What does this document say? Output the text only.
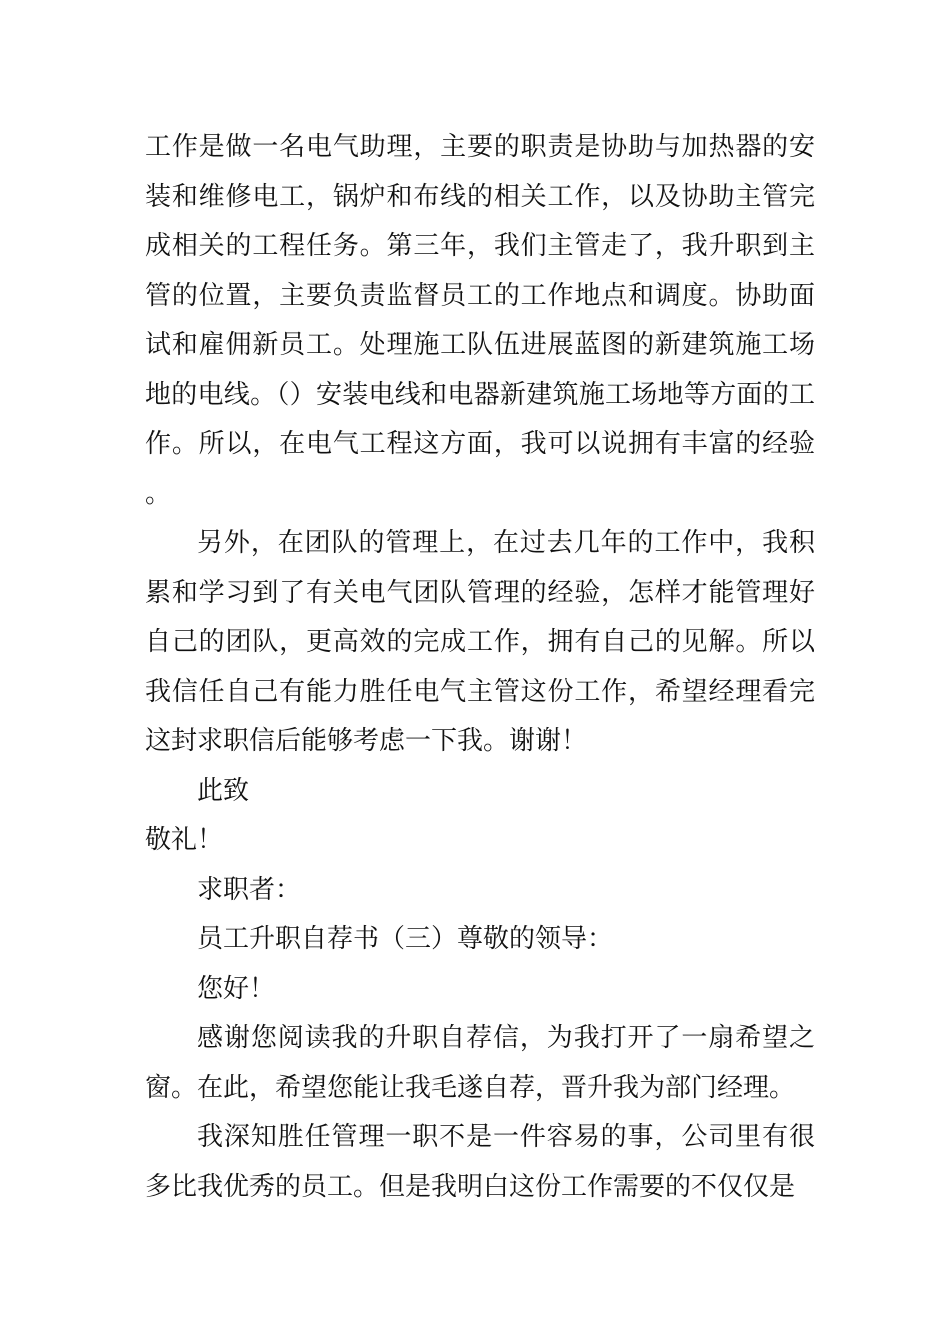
工作是做一名电气助理，主要的职责是协助与加热器的安装和维修电工，锅炉和布线的相关工作，以及协助主管完成相关的工程任务。第三年，我们主管走了，我升职到主管的位置，主要负责监督员工的工作地点和调度。协助面试和雇佣新员工。处理施工队伍进展蓝图的新建筑施工场地的电线。（）安装电线和电器新建筑施工场地等方面的工作。所以，在电气工程这方面，我可以说拥有丰富的经验。

另外，在团队的管理上，在过去几年的工作中，我积累和学习到了有关电气团队管理的经验，怎样才能管理好自己的团队，更高效的完成工作，拥有自己的见解。所以我信任自己有能力胜任电气主管这份工作，希望经理看完这封求职信后能够考虑一下我。谢谢！

此致

敬礼！

求职者：

员工升职自荐书（三）尊敬的领导：

您好！

感谢您阅读我的升职自荐信，为我打开了一扇希望之窗。在此，希望您能让我毛遂自荐，晋升我为部门经理。

我深知胜任管理一职不是一件容易的事，公司里有很多比我优秀的员工。但是我明白这份工作需要的不仅仅是
